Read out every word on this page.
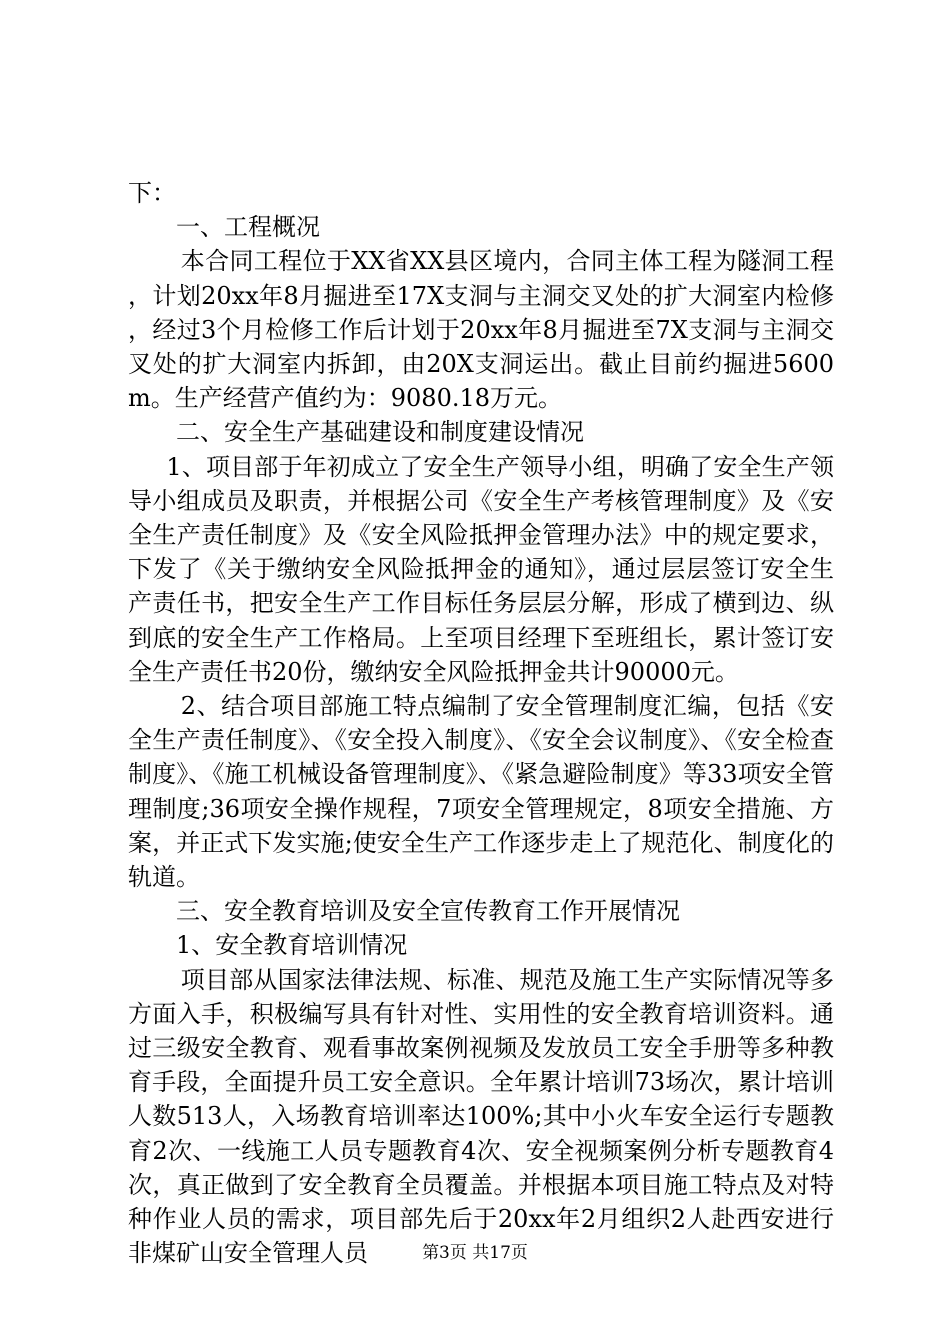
下：

一、工程概况

本合同工程位于XX省XX县区境内，合同主体工程为隧洞工程，计划20xx年8月掘进至17X支洞与主洞交叉处的扩大洞室内检修，经过3个月检修工作后计划于20xx年8月掘进至7X支洞与主洞交叉处的扩大洞室内拆卸，由20X支洞运出。截止目前约掘进5600m。生产经营产值约为：9080.18万元。

二、安全生产基础建设和制度建设情况

1、项目部于年初成立了安全生产领导小组，明确了安全生产领导小组成员及职责，并根据公司《安全生产考核管理制度》及《安全生产责任制度》及《安全风险抵押金管理办法》中的规定要求，下发了《关于缴纳安全风险抵押金的通知》，通过层层签订安全生产责任书，把安全生产工作目标任务层层分解，形成了横到边、纵到底的安全生产工作格局。上至项目经理下至班组长，累计签订安全生产责任书20份，缴纳安全风险抵押金共计90000元。

2、结合项目部施工特点编制了安全管理制度汇编，包括《安全生产责任制度》、《安全投入制度》、《安全会议制度》、《安全检查制度》、《施工机械设备管理制度》、《紧急避险制度》等33项安全管理制度;36项安全操作规程，7项安全管理规定，8项安全措施、方案，并正式下发实施;使安全生产工作逐步走上了规范化、制度化的轨道。

三、安全教育培训及安全宣传教育工作开展情况

1、安全教育培训情况

项目部从国家法律法规、标准、规范及施工生产实际情况等多方面入手，积极编写具有针对性、实用性的安全教育培训资料。通过三级安全教育、观看事故案例视频及发放员工安全手册等多种教育手段，全面提升员工安全意识。全年累计培训73场次，累计培训人数513人，入场教育培训率达100%;其中小火车安全运行专题教育2次、一线施工人员专题教育4次、安全视频案例分析专题教育4次，真正做到了安全教育全员覆盖。并根据本项目施工特点及对特种作业人员的需求，项目部先后于20xx年2月组织2人赴西安进行非煤矿山安全管理人员	第3页 共17页
